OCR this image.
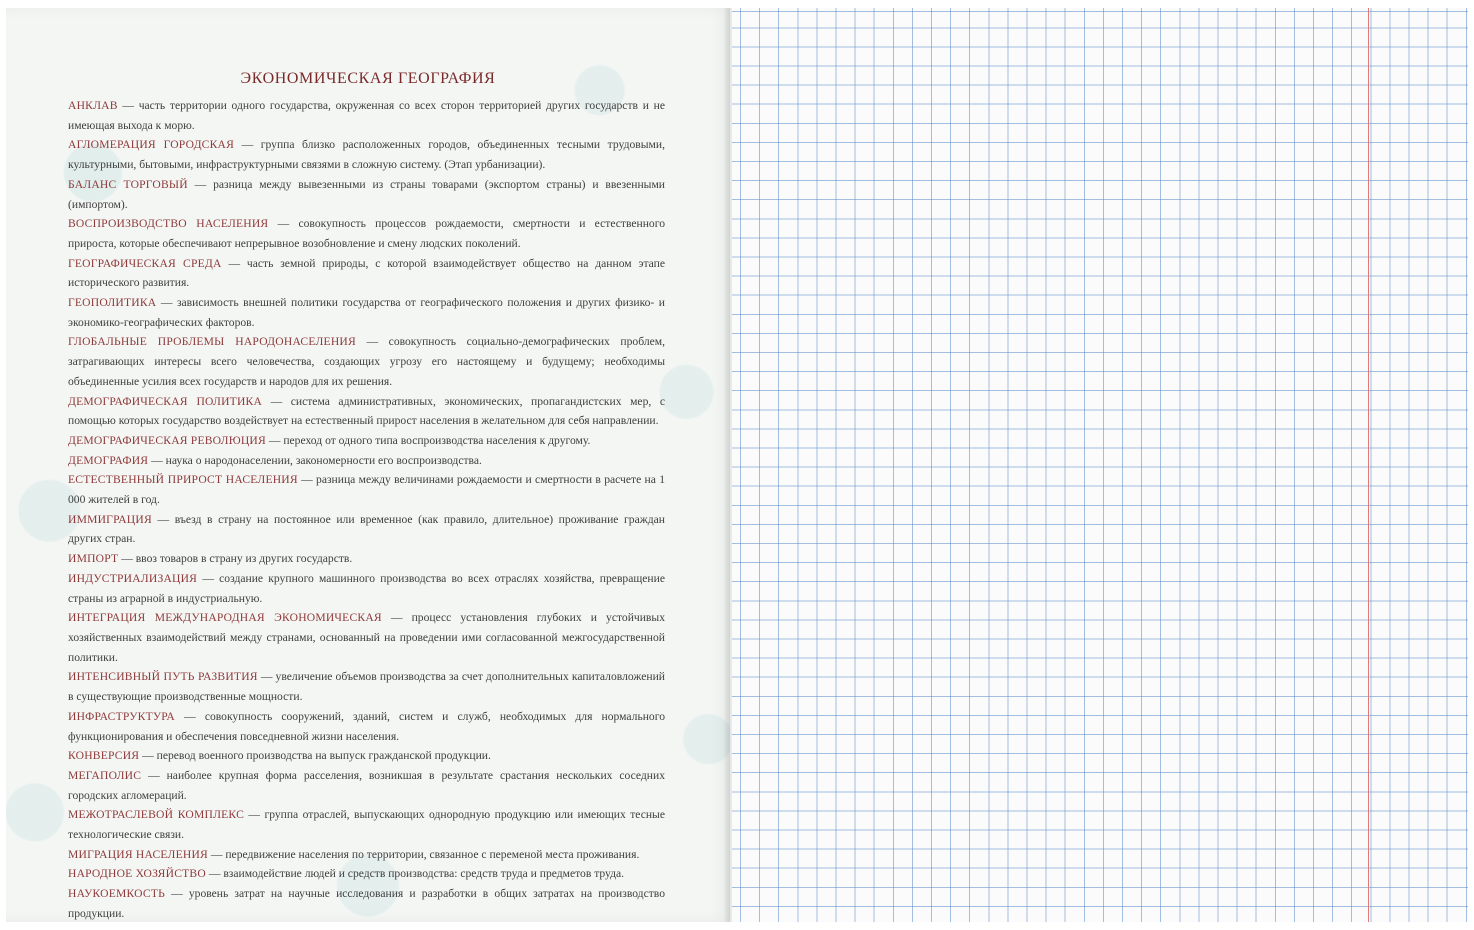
ЭКОНОМИЧЕСКАЯ ГЕОГРАФИЯ

АНКЛАВ — часть территории одного государства, окруженная со всех сторон территорией других государств и не имеющая выхода к морю.

АГЛОМЕРАЦИЯ ГОРОДСКАЯ — группа близко расположенных городов, объединенных тесными трудовыми, культурными, бытовыми, инфраструктурными связями в сложную систему. (Этап урбанизации).

БАЛАНС ТОРГОВЫЙ — разница между вывезенными из страны товарами (экспортом страны) и ввезенными (импортом).

ВОСПРОИЗВОДСТВО НАСЕЛЕНИЯ — совокупность процессов рождаемости, смертности и естественного прироста, которые обеспечивают непрерывное возобновление и смену людских поколений.

ГЕОГРАФИЧЕСКАЯ СРЕДА — часть земной природы, с которой взаимодействует общество на данном этапе исторического развития.

ГЕОПОЛИТИКА — зависимость внешней политики государства от географического положения и других физико- и экономико-географических факторов.

ГЛОБАЛЬНЫЕ ПРОБЛЕМЫ НАРОДОНАСЕЛЕНИЯ — совокупность социально-демографических проблем, затрагивающих интересы всего человечества, создающих угрозу его настоящему и будущему; необходимы объединенные усилия всех государств и народов для их решения.

ДЕМОГРАФИЧЕСКАЯ ПОЛИТИКА — система административных, экономических, пропагандистских мер, с помощью которых государство воздействует на естественный прирост населения в желательном для себя направлении.

ДЕМОГРАФИЧЕСКАЯ РЕВОЛЮЦИЯ — переход от одного типа воспроизводства населения к другому.

ДЕМОГРАФИЯ — наука о народонаселении, закономерности его воспроизводства.

ЕСТЕСТВЕННЫЙ ПРИРОСТ НАСЕЛЕНИЯ — разница между величинами рождаемости и смертности в расчете на 1 000 жителей в год.

ИММИГРАЦИЯ — въезд в страну на постоянное или временное (как правило, длительное) проживание граждан других стран.

ИМПОРТ — ввоз товаров в страну из других государств.

ИНДУСТРИАЛИЗАЦИЯ — создание крупного машинного производства во всех отраслях хозяйства, превращение страны из аграрной в индустриальную.

ИНТЕГРАЦИЯ МЕЖДУНАРОДНАЯ ЭКОНОМИЧЕСКАЯ — процесс установления глубоких и устойчивых хозяйственных взаимодействий между странами, основанный на проведении ими согласованной межгосударственной политики.

ИНТЕНСИВНЫЙ ПУТЬ РАЗВИТИЯ — увеличение объемов производства за счет дополнительных капиталовложений в существующие производственные мощности.

ИНФРАСТРУКТУРА — совокупность сооружений, зданий, систем и служб, необходимых для нормального функционирования и обеспечения повседневной жизни населения.

КОНВЕРСИЯ — перевод военного производства на выпуск гражданской продукции.

МЕГАПОЛИС — наиболее крупная форма расселения, возникшая в результате срастания нескольких соседних городских агломераций.

МЕЖОТРАСЛЕВОЙ КОМПЛЕКС — группа отраслей, выпускающих однородную продукцию или имеющих тесные технологические связи.

МИГРАЦИЯ НАСЕЛЕНИЯ — передвижение населения по территории, связанное с переменой места проживания.

НАРОДНОЕ ХОЗЯЙСТВО — взаимодействие людей и средств производства: средств труда и предметов труда.

НАУКОЕМКОСТЬ — уровень затрат на научные исследования и разработки в общих затратах на производство продукции.
